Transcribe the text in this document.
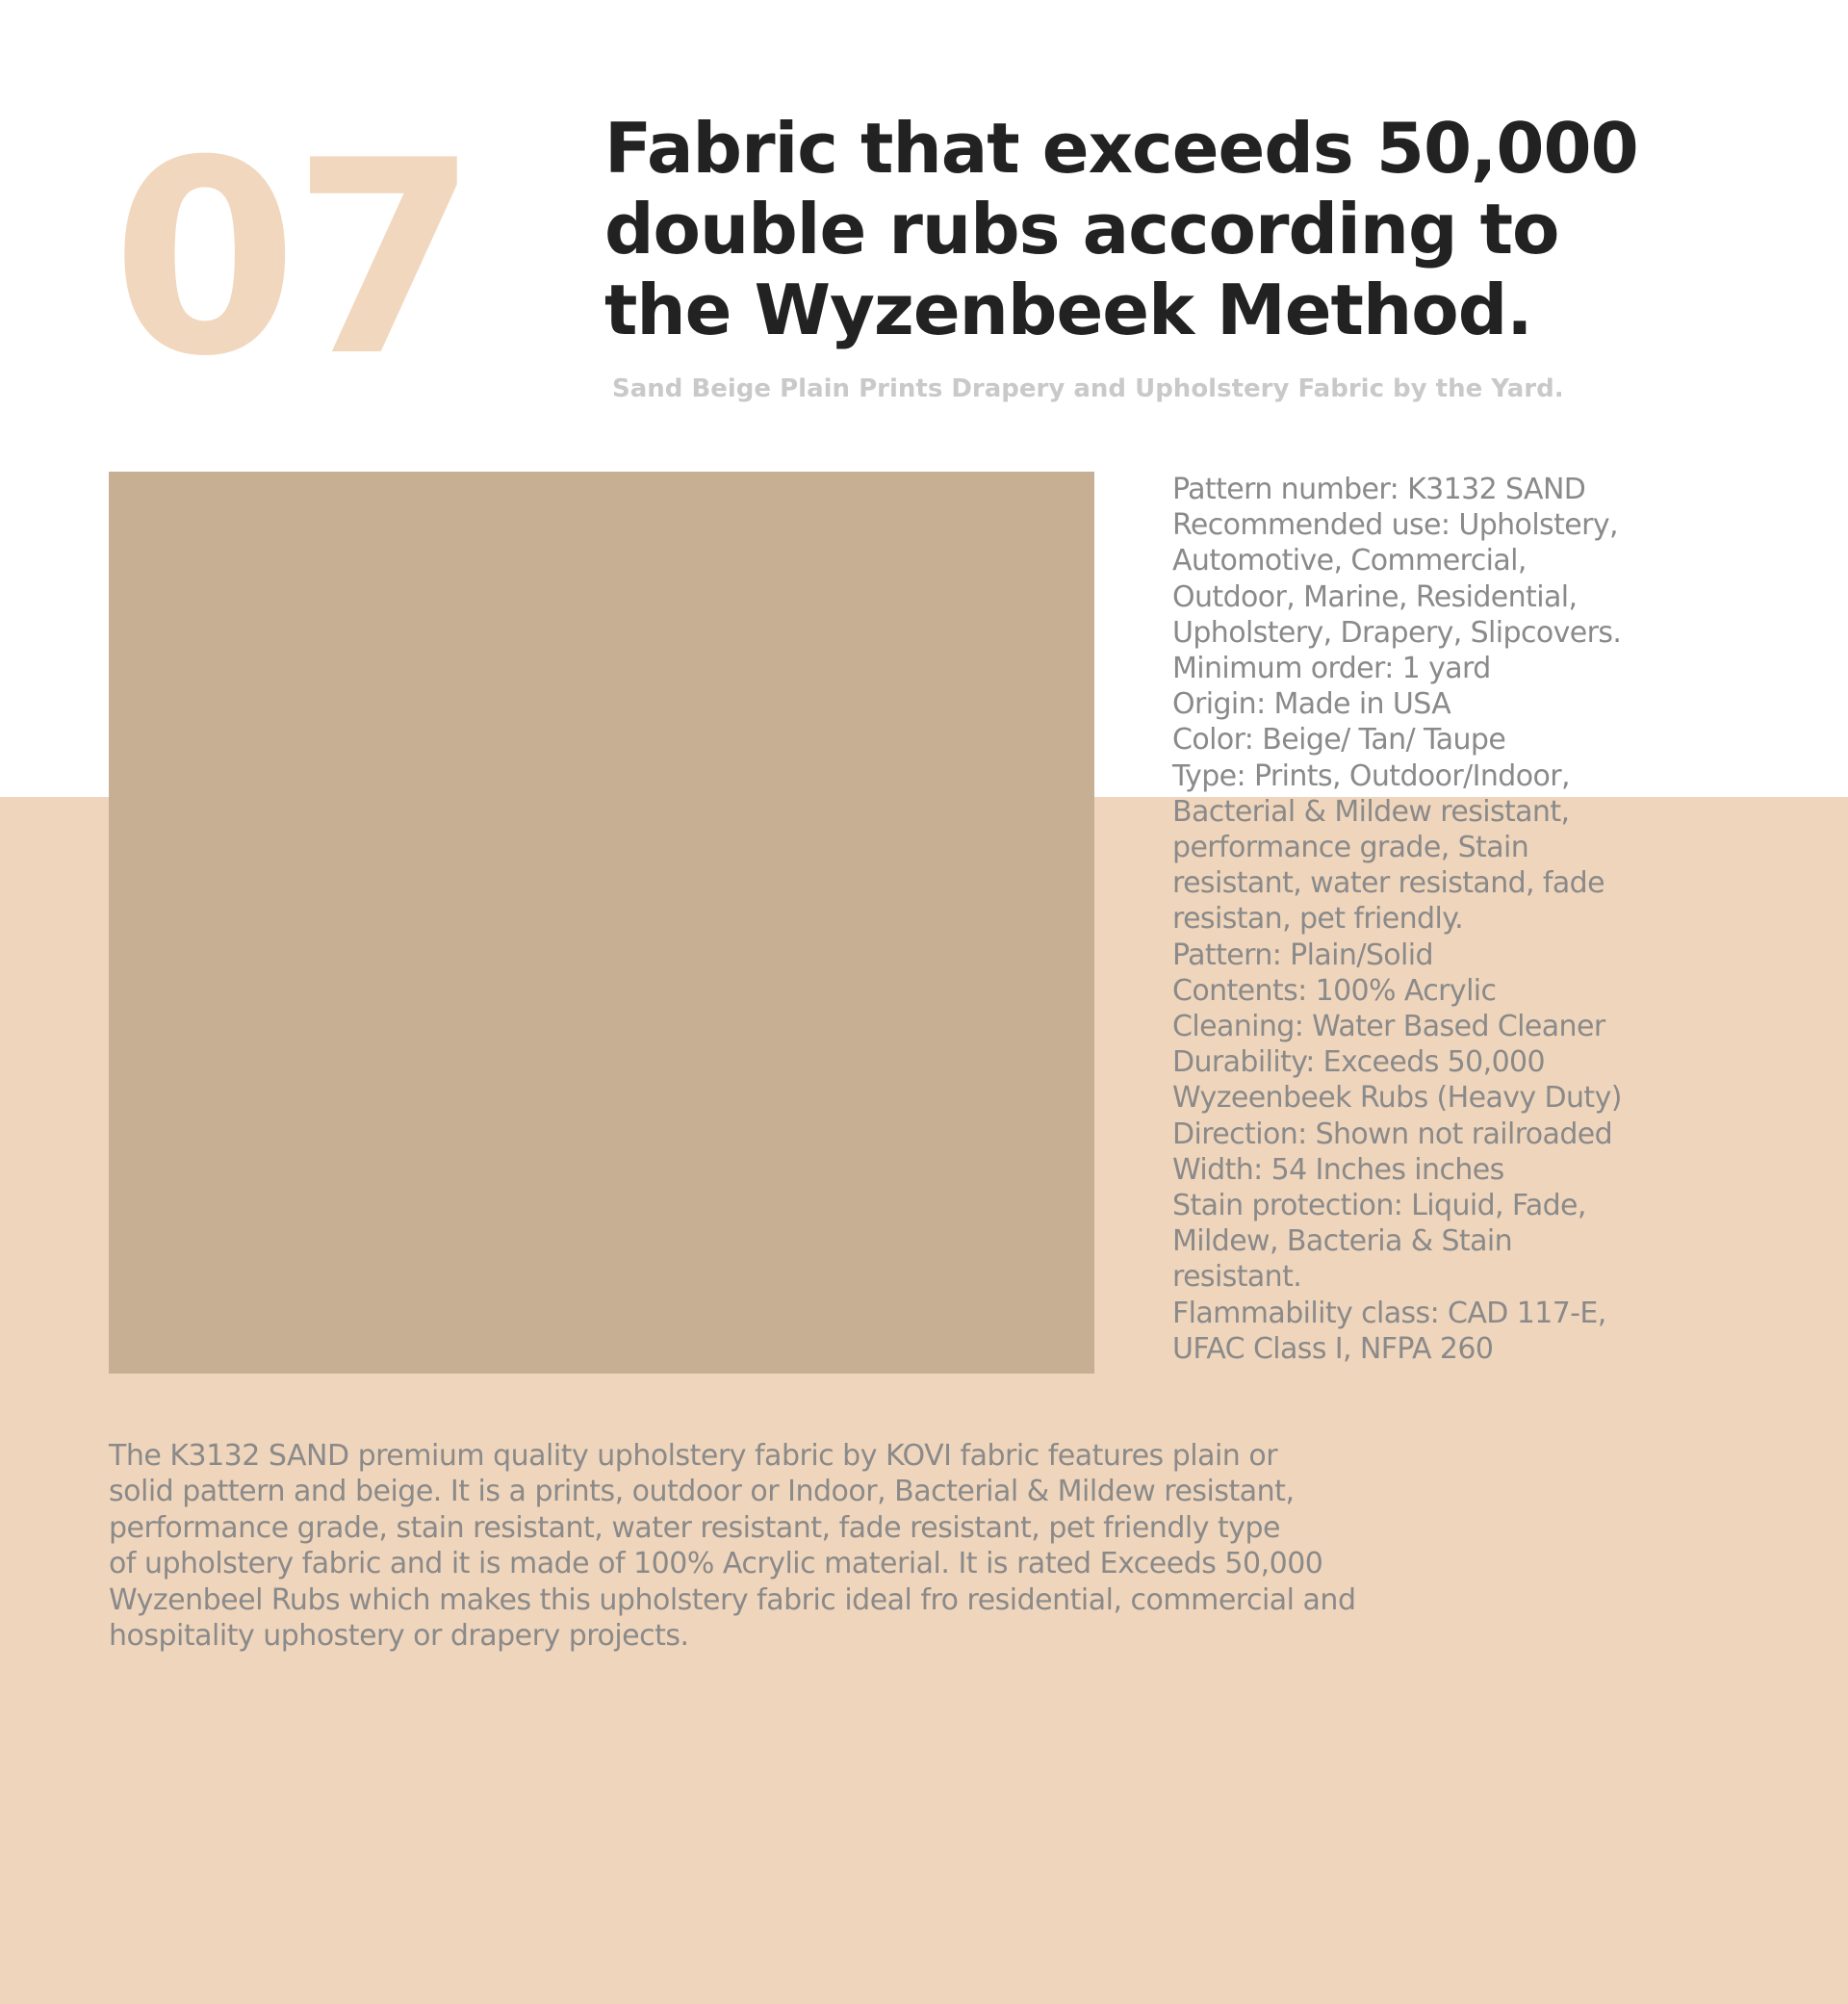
07 Fabric that exceeds 50,000
double rubs according to
the Wyzenbeek Method.

Sand Beige Plain Prints Drapery and Upholstery Fabric by the Yard.

Pattern number: K3132 SAND
Recommended use: Upholstery,
Automotive, Commercial,
Outdoor, Marine, Residential,
Upholstery, Drapery, Slipcovers.
Minimum order: 1 yard
Origin: Made in USA
Color: Beige/ Tan/ Taupe
Type: Prints, Outdoor/Indoor,
Bacterial & Mildew resistant,
performance grade, Stain
resistant, water resistand, fade
resistan, pet friendly.
Pattern: Plain/Solid
Contents: 100% Acrylic
Cleaning: Water Based Cleaner
Durability: Exceeds 50,000
Wyzeenbeek Rubs (Heavy Duty)
Direction: Shown not railroaded
Width: 54 Inches inches
Stain protection: Liquid, Fade,
Mildew, Bacteria & Stain
resistant.
Flammability class: CAD 117-E,
UFAC Class I, NFPA 260

The K3132 SAND premium quality upholstery fabric by KOVI fabric features plain or
solid pattern and beige. It is a prints, outdoor or Indoor, Bacterial & Mildew resistant,
performance grade, stain resistant, water resistant, fade resistant, pet friendly type
of upholstery fabric and it is made of 100% Acrylic material. It is rated Exceeds 50,000
Wyzenbeel Rubs which makes this upholstery fabric ideal fro residential, commercial and
hospitality uphostery or drapery projects.
